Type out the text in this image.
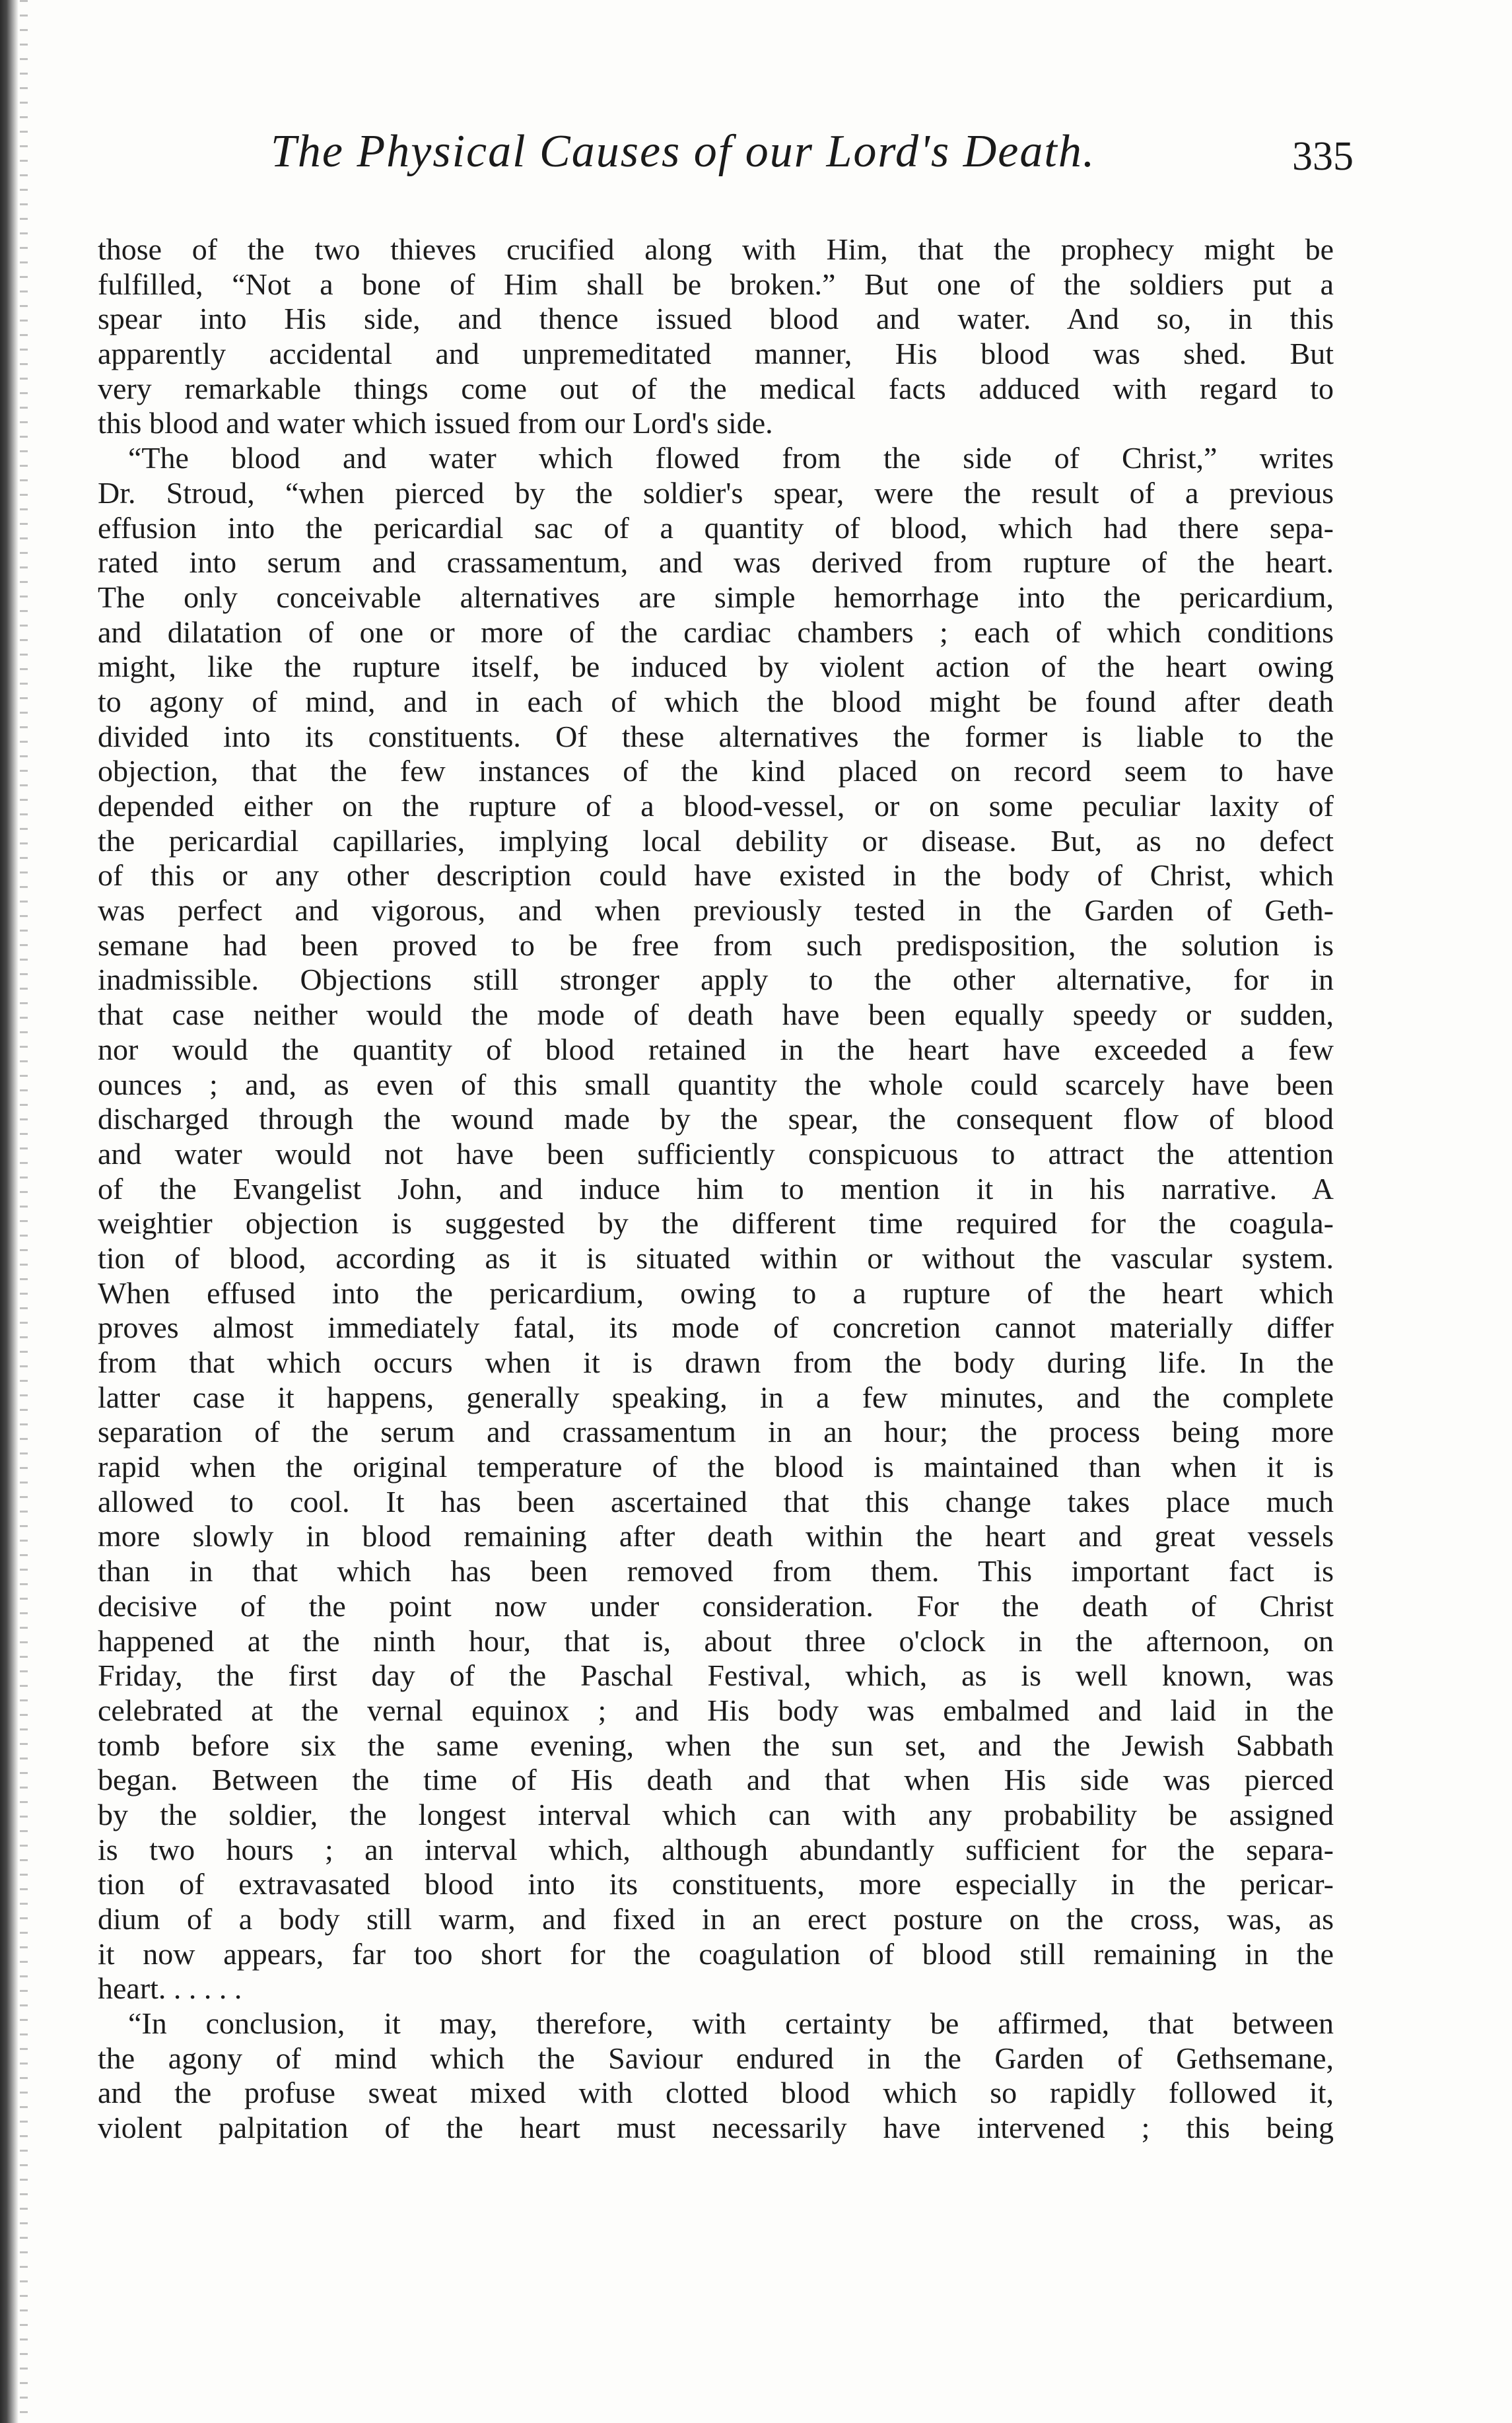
The Physical Causes of our Lord's Death.	335
those of the two thieves crucified along with Him, that the prophecy might be
fulfilled, “Not a bone of Him shall be broken.” But one of the soldiers put a
spear into His side, and thence issued blood and water. And so, in this
apparently accidental and unpremeditated manner, His blood was shed. But
very remarkable things come out of the medical facts adduced with regard to
this blood and water which issued from our Lord's side.
“The blood and water which flowed from the side of Christ,” writes
Dr. Stroud, “when pierced by the soldier's spear, were the result of a previous
effusion into the pericardial sac of a quantity of blood, which had there sepa-
rated into serum and crassamentum, and was derived from rupture of the heart.
The only conceivable alternatives are simple hemorrhage into the pericardium,
and dilatation of one or more of the cardiac chambers ; each of which conditions
might, like the rupture itself, be induced by violent action of the heart owing
to agony of mind, and in each of which the blood might be found after death
divided into its constituents. Of these alternatives the former is liable to the
objection, that the few instances of the kind placed on record seem to have
depended either on the rupture of a blood-vessel, or on some peculiar laxity of
the pericardial capillaries, implying local debility or disease. But, as no defect
of this or any other description could have existed in the body of Christ, which
was perfect and vigorous, and when previously tested in the Garden of Geth-
semane had been proved to be free from such predisposition, the solution is
inadmissible. Objections still stronger apply to the other alternative, for in
that case neither would the mode of death have been equally speedy or sudden,
nor would the quantity of blood retained in the heart have exceeded a few
ounces ; and, as even of this small quantity the whole could scarcely have been
discharged through the wound made by the spear, the consequent flow of blood
and water would not have been sufficiently conspicuous to attract the attention
of the Evangelist John, and induce him to mention it in his narrative. A
weightier objection is suggested by the different time required for the coagula-
tion of blood, according as it is situated within or without the vascular system.
When effused into the pericardium, owing to a rupture of the heart which
proves almost immediately fatal, its mode of concretion cannot materially differ
from that which occurs when it is drawn from the body during life. In the
latter case it happens, generally speaking, in a few minutes, and the complete
separation of the serum and crassamentum in an hour; the process being more
rapid when the original temperature of the blood is maintained than when it is
allowed to cool. It has been ascertained that this change takes place much
more slowly in blood remaining after death within the heart and great vessels
than in that which has been removed from them. This important fact is
decisive of the point now under consideration. For the death of Christ
happened at the ninth hour, that is, about three o'clock in the afternoon, on
Friday, the first day of the Paschal Festival, which, as is well known, was
celebrated at the vernal equinox ; and His body was embalmed and laid in the
tomb before six the same evening, when the sun set, and the Jewish Sabbath
began. Between the time of His death and that when His side was pierced
by the soldier, the longest interval which can with any probability be assigned
is two hours ; an interval which, although abundantly sufficient for the separa-
tion of extravasated blood into its constituents, more especially in the pericar-
dium of a body still warm, and fixed in an erect posture on the cross, was, as
it now appears, far too short for the coagulation of blood still remaining in the
heart. . . . . .
“In conclusion, it may, therefore, with certainty be affirmed, that between
the agony of mind which the Saviour endured in the Garden of Gethsemane,
and the profuse sweat mixed with clotted blood which so rapidly followed it,
violent palpitation of the heart must necessarily have intervened ; this being
